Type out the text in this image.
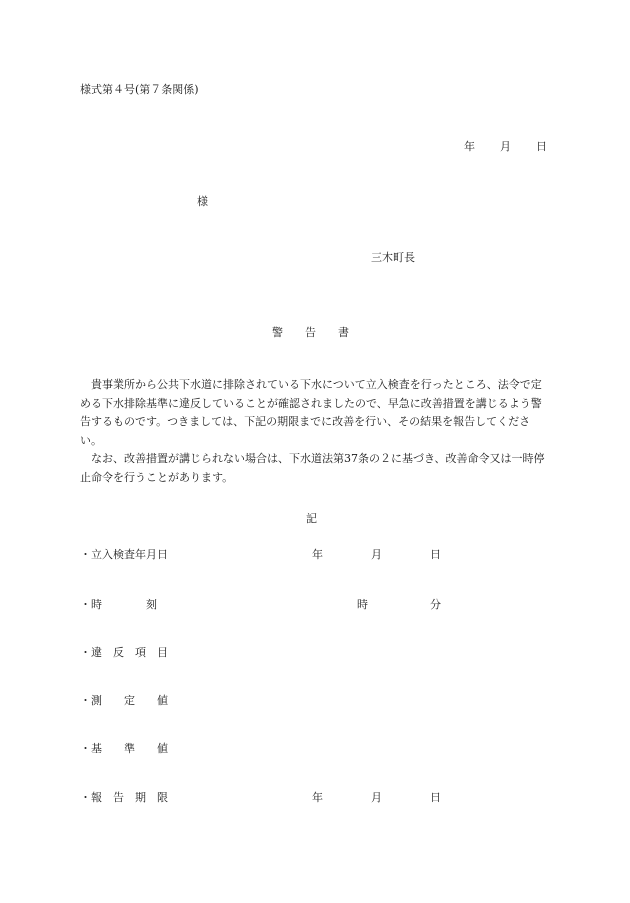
様式第４号(第７条関係)
年 月 日
様
三木町長
警　　告　　書

貴事業所から公共下水道に排除されている下水について立入検査を行ったところ、法令で定める下水排除基準に違反していることが確認されましたので、早急に改善措置を講じるよう警告するものです。つきましては、下記の期限までに改善を行い、その結果を報告してください。

なお、改善措置が講じられない場合は、下水道法第37条の２に基づき、改善命令又は一時停止命令を行うことがあります。

記
・立入検査年月日	年	月	日
・時　　　　刻	時	分
・違　反　項　目
・測　　定　　値
・基　　準　　値
・報　告　期　限	年	月	日
